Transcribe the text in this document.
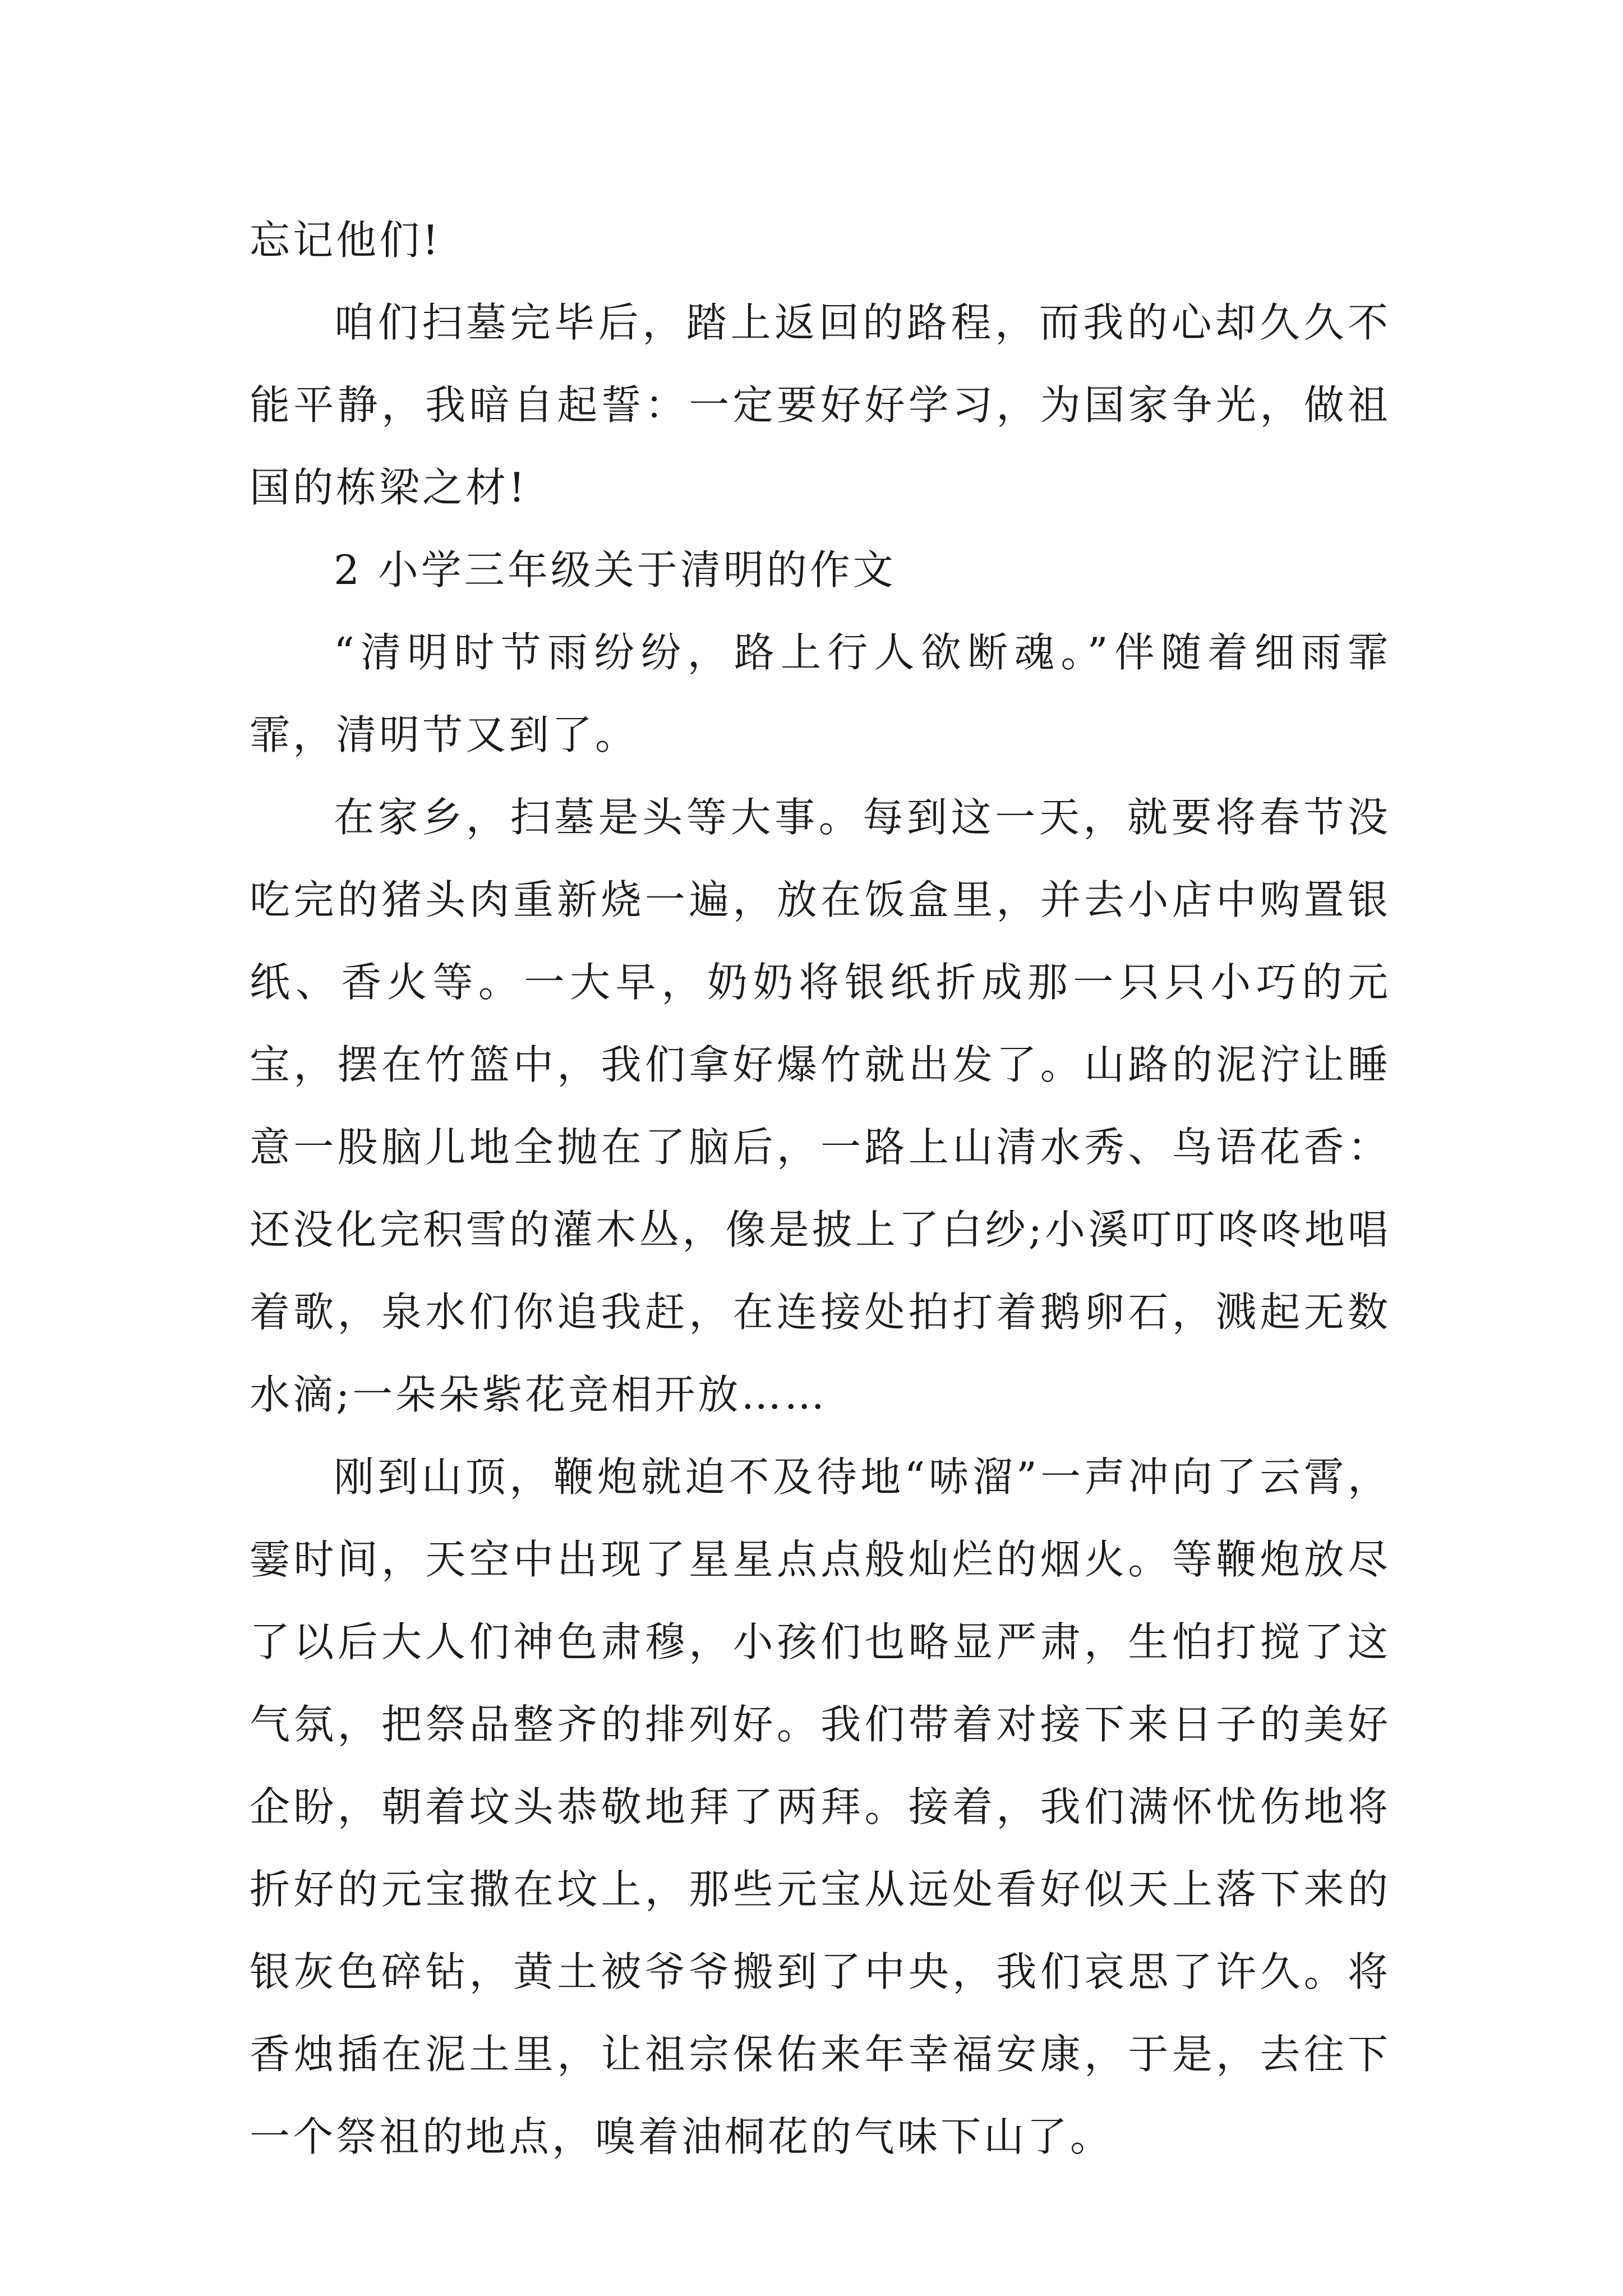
忘记他们!

咱们扫墓完毕后，踏上返回的路程，而我的心却久久不能平静，我暗自起誓：一定要好好学习，为国家争光，做祖国的栋梁之材!

2 小学三年级关于清明的作文

“清明时节雨纷纷，路上行人欲断魂。”伴随着细雨霏霏，清明节又到了。

在家乡，扫墓是头等大事。每到这一天，就要将春节没吃完的猪头肉重新烧一遍，放在饭盒里，并去小店中购置银纸、香火等。一大早，奶奶将银纸折成那一只只小巧的元宝，摆在竹篮中，我们拿好爆竹就出发了。山路的泥泞让睡意一股脑儿地全抛在了脑后，一路上山清水秀、鸟语花香：还没化完积雪的灌木丛，像是披上了白纱;小溪叮叮咚咚地唱着歌，泉水们你追我赶，在连接处拍打着鹅卵石，溅起无数水滴;一朵朵紫花竞相开放……

刚到山顶，鞭炮就迫不及待地“哧溜”一声冲向了云霄，霎时间，天空中出现了星星点点般灿烂的烟火。等鞭炮放尽了以后大人们神色肃穆，小孩们也略显严肃，生怕打搅了这气氛，把祭品整齐的排列好。我们带着对接下来日子的美好企盼，朝着坟头恭敬地拜了两拜。接着，我们满怀忧伤地将折好的元宝撒在坟上，那些元宝从远处看好似天上落下来的银灰色碎钻，黄土被爷爷搬到了中央，我们哀思了许久。将香烛插在泥土里，让祖宗保佑来年幸福安康，于是，去往下一个祭祖的地点，嗅着油桐花的气味下山了。
